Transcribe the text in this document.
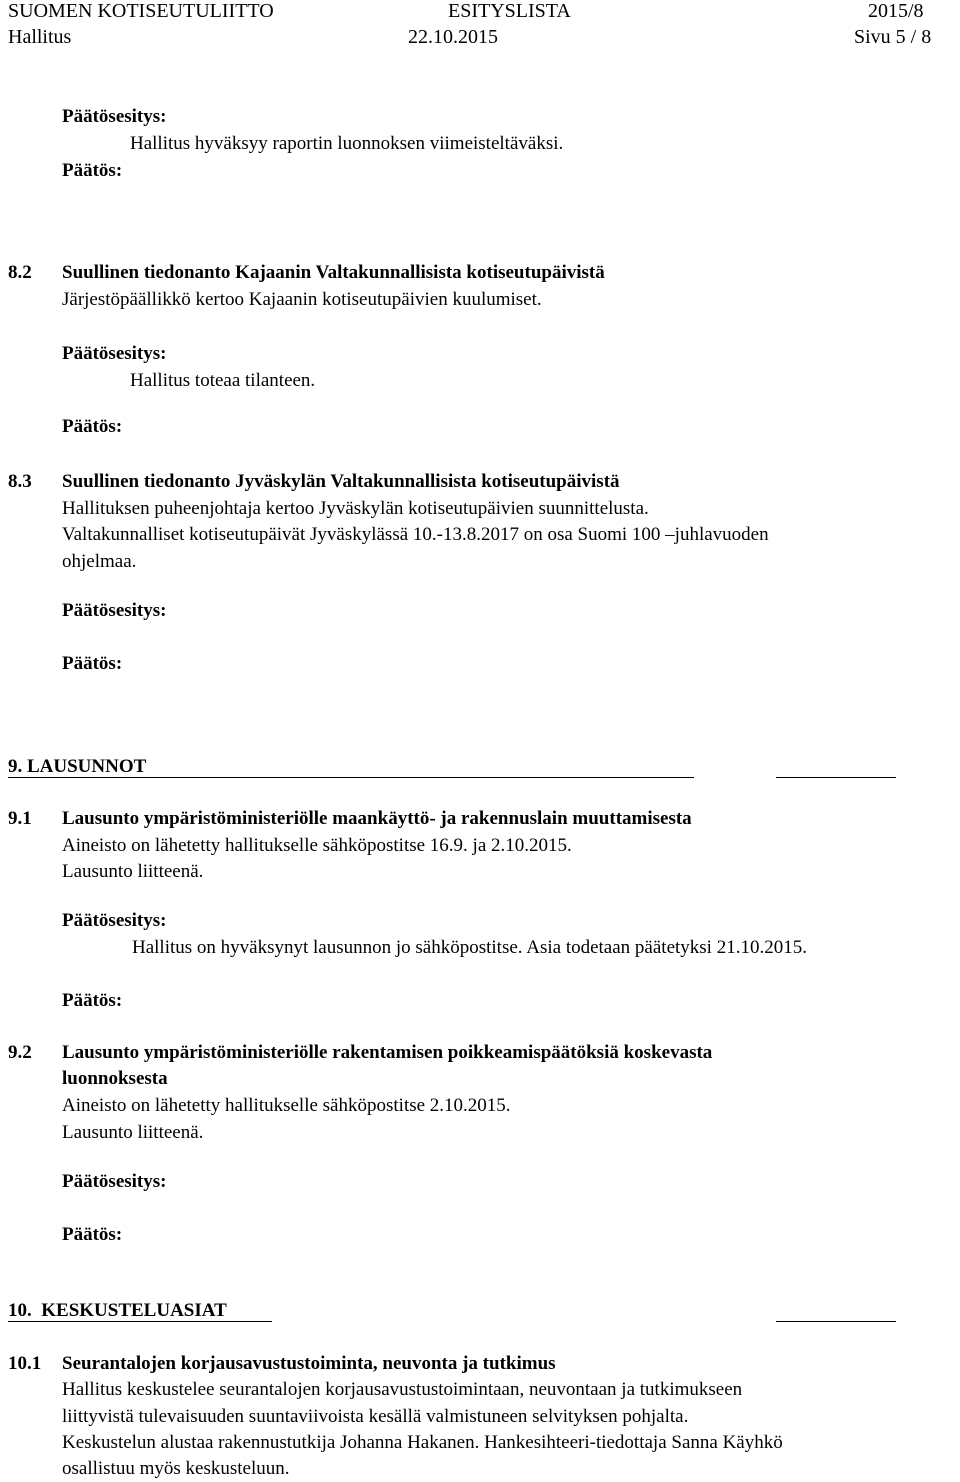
SUOMEN KOTISEUTULIITTO	ESITYSLISTA	2015/8
Hallitus	22.10.2015	Sivu 5 / 8
Päätösesitys:
Hallitus hyväksyy raportin luonnoksen viimeisteltäväksi.
Päätös:
8.2 Suullinen tiedonanto Kajaanin Valtakunnallisista kotiseutupäivistä
Järjestöpäällikkö kertoo Kajaanin kotiseutupäivien kuulumiset.
Päätösesitys:
Hallitus toteaa tilanteen.
Päätös:
8.3 Suullinen tiedonanto Jyväskylän Valtakunnallisista kotiseutupäivistä
Hallituksen puheenjohtaja kertoo Jyväskylän kotiseutupäivien suunnittelusta.
Valtakunnalliset kotiseutupäivät Jyväskylässä 10.-13.8.2017 on osa Suomi 100 –juhlavuoden
ohjelmaa.
Päätösesitys:
Päätös:
9. LAUSUNNOT
9.1 Lausunto ympäristöministeriölle maankäyttö- ja rakennuslain muuttamisesta
Aineisto on lähetetty hallitukselle sähköpostitse 16.9. ja 2.10.2015.
Lausunto liitteenä.
Päätösesitys:
Hallitus on hyväksynyt lausunnon jo sähköpostitse. Asia todetaan päätetyksi 21.10.2015.
Päätös:
9.2 Lausunto ympäristöministeriölle rakentamisen poikkeamispäätöksiä koskevasta
luonnoksesta
Aineisto on lähetetty hallitukselle sähköpostitse 2.10.2015.
Lausunto liitteenä.
Päätösesitys:
Päätös:
10.  KESKUSTELUASIAT
10.1 Seurantalojen korjausavustustoiminta, neuvonta ja tutkimus
Hallitus keskustelee seurantalojen korjausavustustoimintaan, neuvontaan ja tutkimukseen
liittyvistä tulevaisuuden suuntaviivoista kesällä valmistuneen selvityksen pohjalta.
Keskustelun alustaa rakennustutkija Johanna Hakanen. Hankesihteeri-tiedottaja Sanna Käyhkö
osallistuu myös keskusteluun.
